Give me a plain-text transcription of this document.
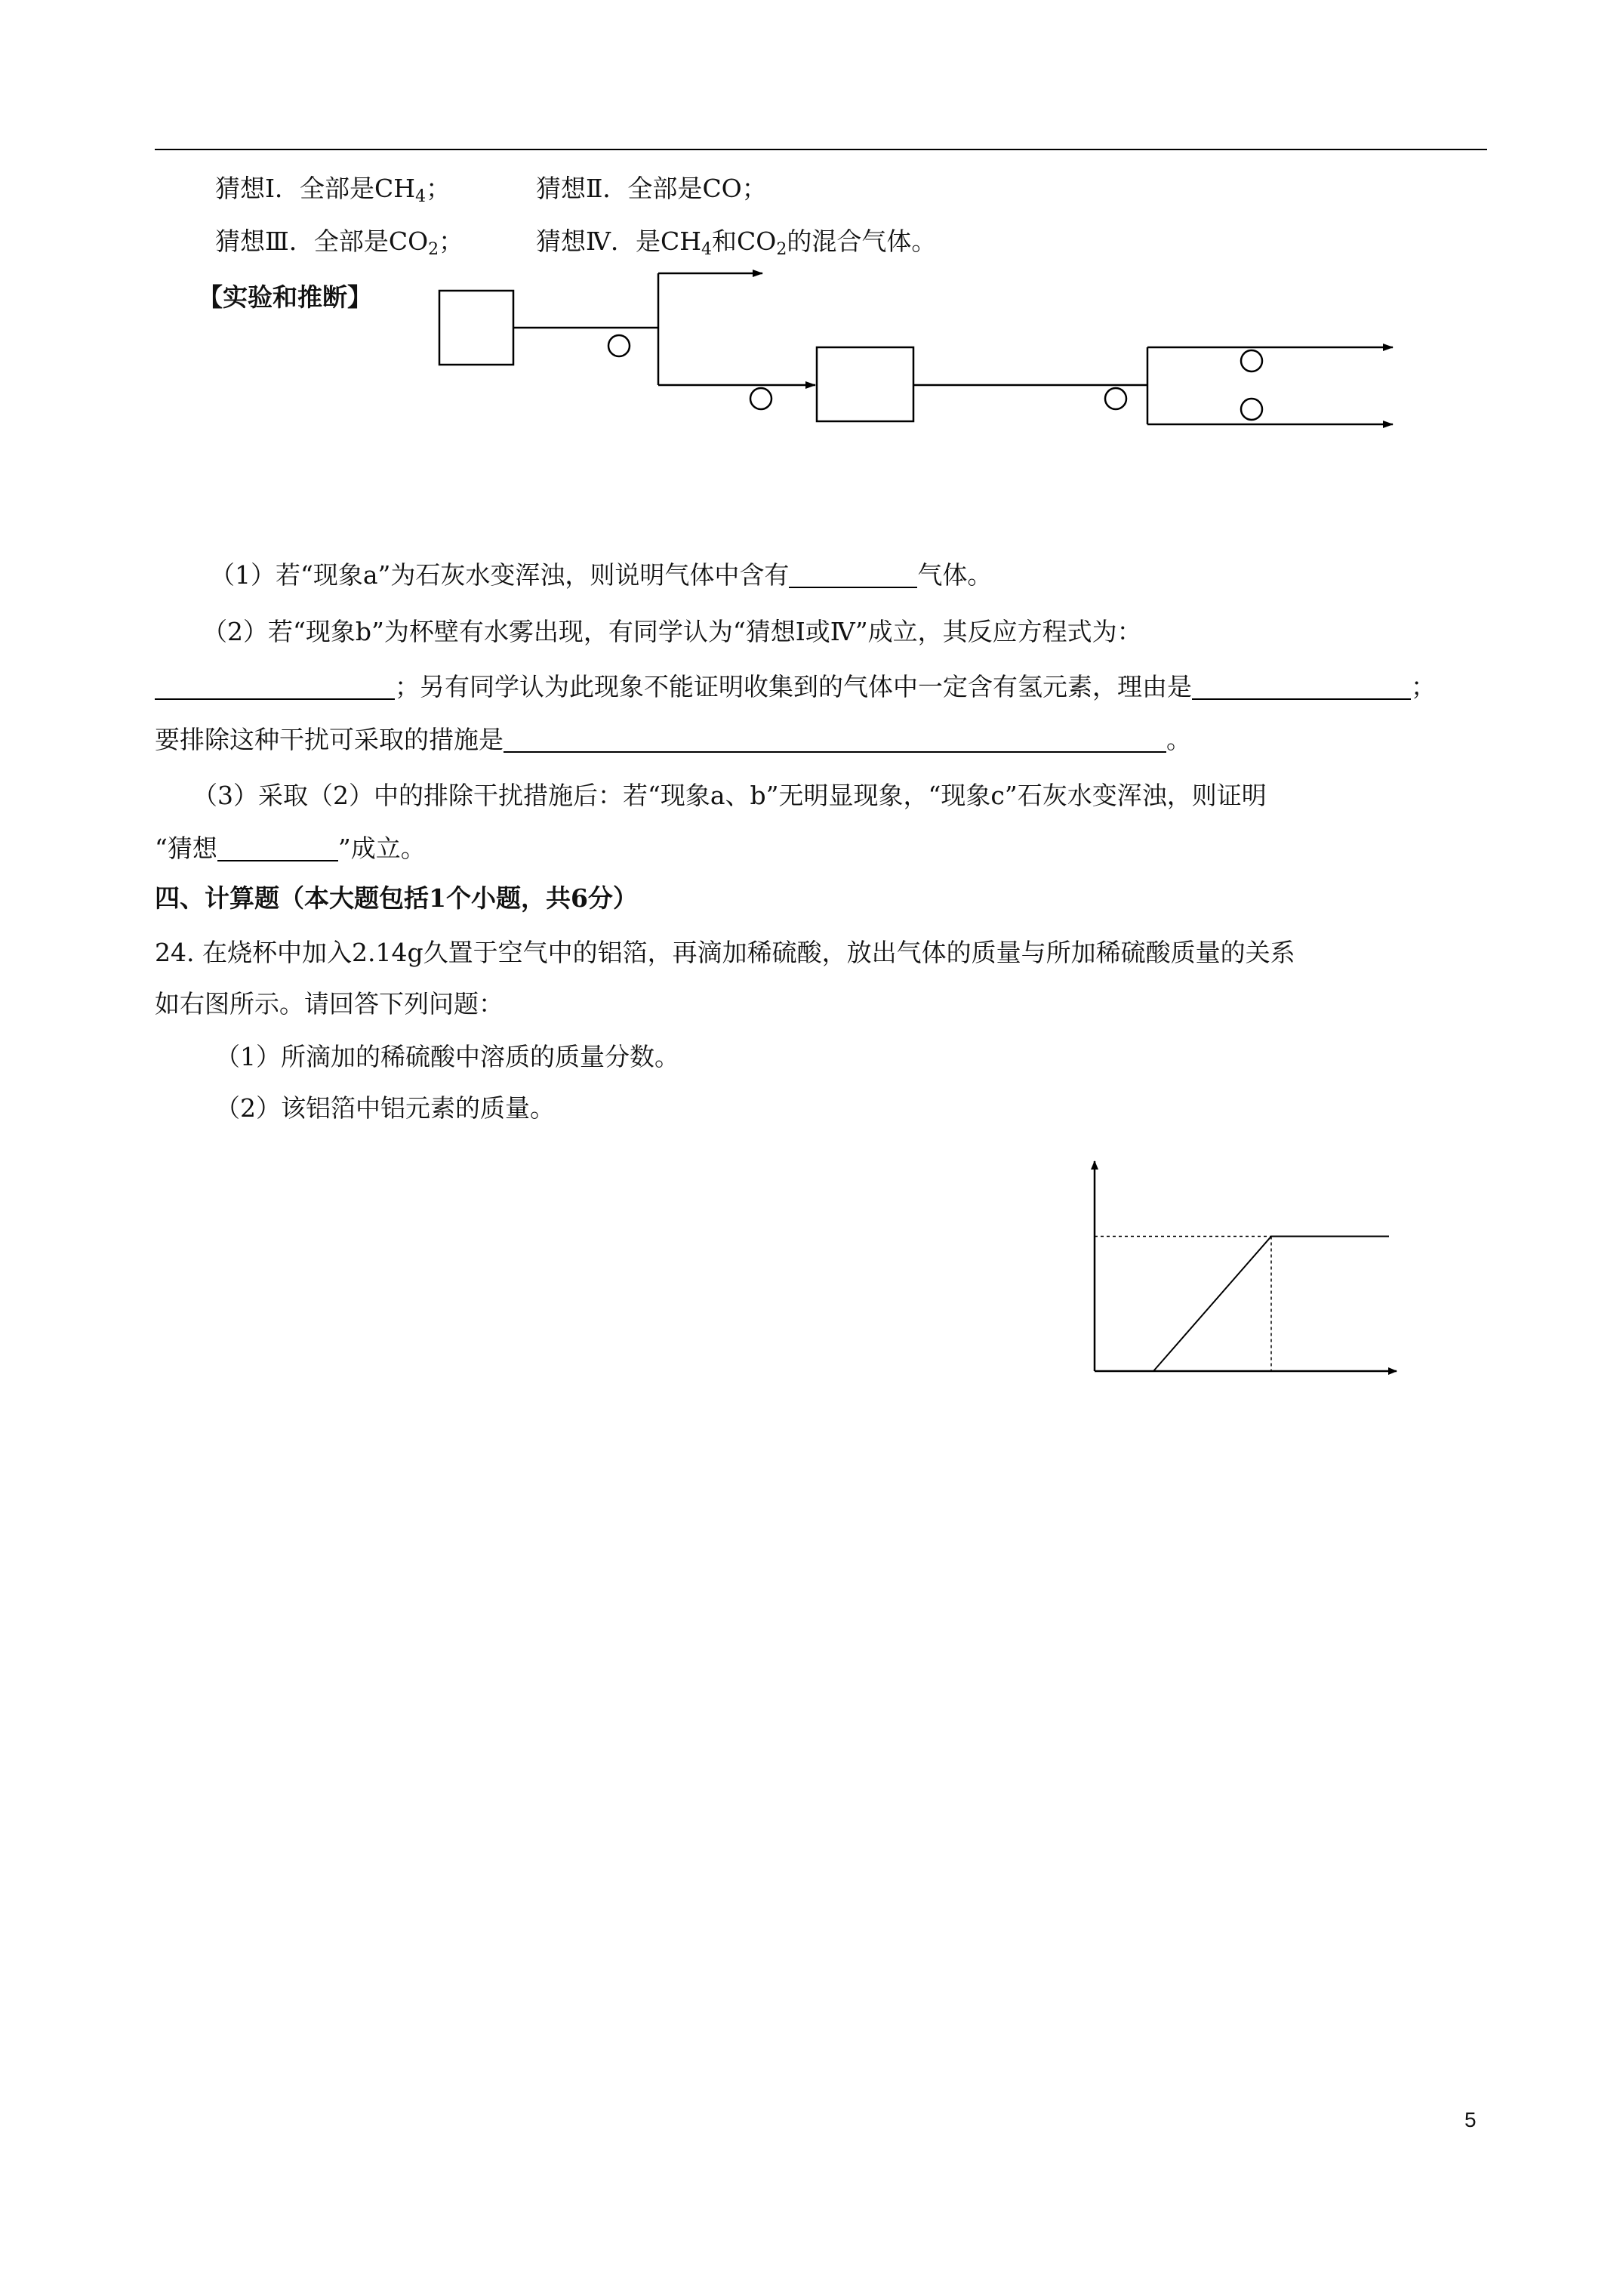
猜想Ⅰ．全部是$CH_4$；	猜想Ⅱ．全部是CO；
猜想Ⅲ．全部是$CO_2$；	猜想Ⅳ．是$CH_4$和$CO_2$的混合气体。
【实验和推断】
（1）若“现象a”为石灰水变浑浊，则说明气体中含有	气体。
（2）若“现象b”为杯壁有水雾出现，有同学认为“猜想Ⅰ或Ⅳ”成立，其反应方程式为：
；另有同学认为此现象不能证明收集到的气体中一定含有氢元素，理由是	；
要排除这种干扰可采取的措施是	。
（3）采取（2）中的排除干扰措施后：若“现象a、b”无明显现象，“现象c”石灰水变浑浊，则证明
“猜想	”成立。
四、计算题（本大题包括1个小题，共6分）
24. 在烧杯中加入2.14g久置于空气中的铝箔，再滴加稀硫酸，放出气体的质量与所加稀硫酸质量的关系
如右图所示。请回答下列问题：
（1）所滴加的稀硫酸中溶质的质量分数。
（2）该铝箔中铝元素的质量。
5
